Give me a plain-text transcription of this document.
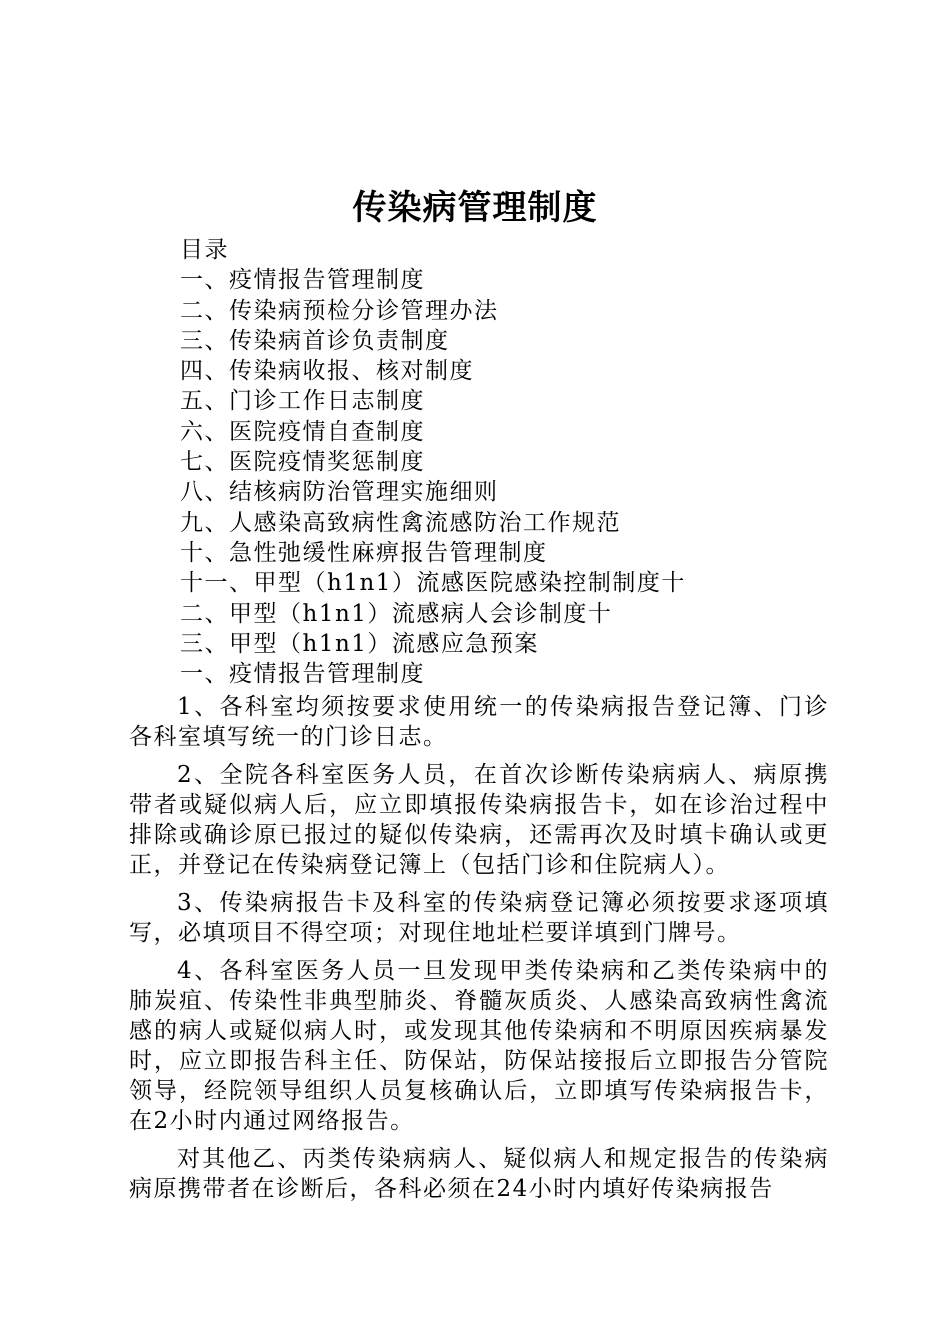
传染病管理制度
目录
一、疫情报告管理制度
二、传染病预检分诊管理办法
三、传染病首诊负责制度
四、传染病收报、核对制度
五、门诊工作日志制度
六、医院疫情自查制度
七、医院疫情奖惩制度
八、结核病防治管理实施细则
九、人感染高致病性禽流感防治工作规范
十、急性弛缓性麻痹报告管理制度
十一、甲型（h1n1）流感医院感染控制制度十
二、甲型（h1n1）流感病人会诊制度十
三、甲型（h1n1）流感应急预案
一、疫情报告管理制度

1、各科室均须按要求使用统一的传染病报告登记簿、门诊各科室填写统一的门诊日志。

2、全院各科室医务人员，在首次诊断传染病病人、病原携带者或疑似病人后，应立即填报传染病报告卡，如在诊治过程中排除或确诊原已报过的疑似传染病，还需再次及时填卡确认或更正，并登记在传染病登记簿上（包括门诊和住院病人）。

3、传染病报告卡及科室的传染病登记簿必须按要求逐项填写，必填项目不得空项；对现住地址栏要详填到门牌号。

4、各科室医务人员一旦发现甲类传染病和乙类传染病中的肺炭疽、传染性非典型肺炎、脊髓灰质炎、人感染高致病性禽流感的病人或疑似病人时，或发现其他传染病和不明原因疾病暴发时，应立即报告科主任、防保站，防保站接报后立即报告分管院领导，经院领导组织人员复核确认后，立即填写传染病报告卡，在2小时内通过网络报告。

对其他乙、丙类传染病病人、疑似病人和规定报告的传染病病原携带者在诊断后，各科必须在24小时内填好传染病报告
